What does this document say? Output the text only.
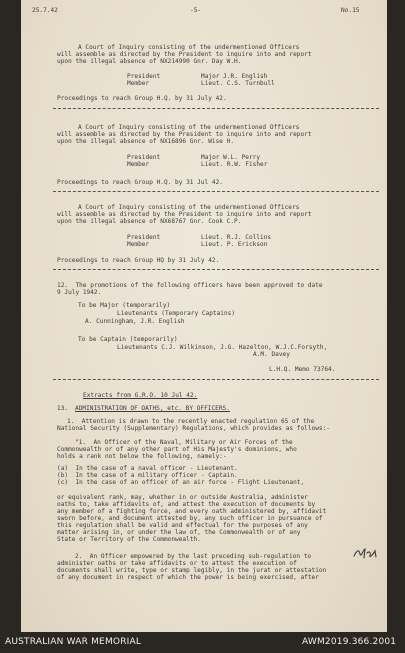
25.7.42	-5-	No.15
A Court of Inquiry consisting of the undermentioned Officers
will assemble as directed by the President to inquire into and report
upon the illegal absence of NX214990 Gnr. Day W.H.
President	Major J.R. English
Member	Lieut. C.S. Turnbull
Proceedings to reach Group H.Q. by 31 July 42.
A Court of Inquiry consisting of the undermentioned Officers
will assemble as directed by the President to inquire into and report
upon the illegal absence of NX16896 Gnr. Wise H.
President	Major W.L. Perry
Member	Lieut. R.W. Fisher
Proceedings to reach Group H.Q. by 31 Jul 42.
A Court of Inquiry consisting of the undermentioned Officers
will assemble as directed by the President to inquire into and report
upon the illegal absence of NX68767 Gnr. Cook C.P.
President	Lieut. R.J. Collins
Member	Lieut. P. Erickson
Proceedings to reach Group HQ by 31 July 42.
12.  The promotions of the following officers have been approved to date
9 July 1942.
To be Major (temporarily)
Lieutenants (Temporary Captains)
A. Cunningham, J.R. English
To be Captain (temporarily)
Lieutenants C.J. Wilkinson, J.G. Hazelton, W.J.C.Forsyth,
A.M. Davey
L.H.Q. Memo 73764.
Extracts from G.R.O. 10 Jul 42.
13. ADMINISTRATION OF OATHS, etc. BY OFFICERS.
1.  Attention is drawn to the recently enacted regulation 65 of the
National Security (Supplementary) Regulations, which provides as follows:-
"1.  An Officer of the Naval, Military or Air Forces of the
Commonwealth or of any other part of His Majesty's dominions, who
holds a rank not below the following, namely:-
(a)  In the case of a naval officer - Lieutenant.
(b)  In the case of a military officer - Captain.
(c)  In the case of an officer of an air force - Flight Lieutenant,
or equivalent rank, may, whether in or outside Australia, administer
oaths to, take affidavits of, and attest the execution of documents by
any member of a fighting force, and every oath administered by, affidavit
sworn before, and document attested by, any such officer in pursuance of
this regulation shall be valid and effectual for the purposes of any
matter arising in, or under the law of, the Commonwealth or of any
State or Territory of the Commonwealth.
2.  An Officer empowered by the last preceding sub-regulation to
administer oaths or take affidavits or to attest the execution of
documents shall write, type or stamp legibly, in the jurat or attestation
of any document in respect of which the power is being exercised, after
AUSTRALIAN WAR MEMORIAL	AWM2019.366.2001
